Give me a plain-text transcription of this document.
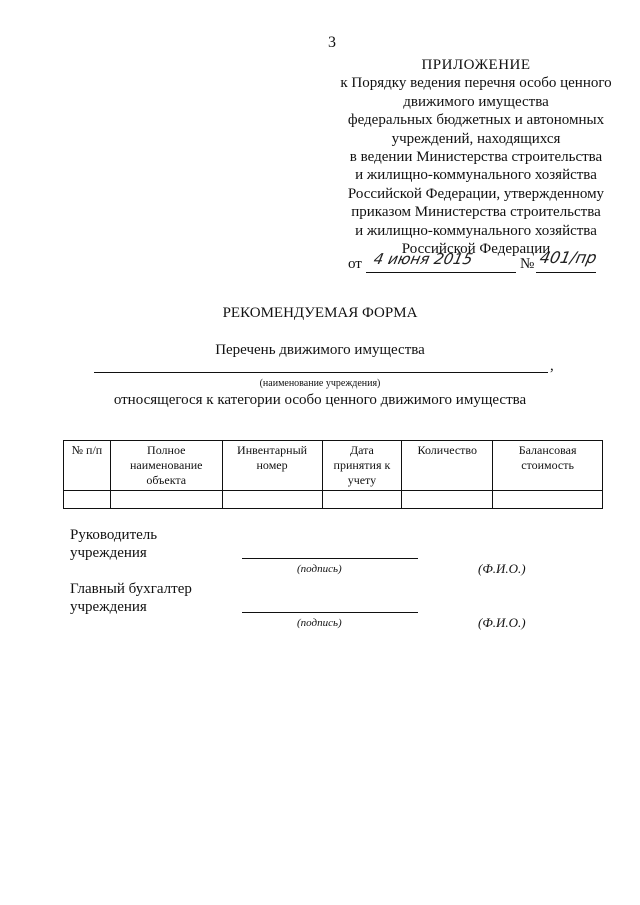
3
ПРИЛОЖЕНИЕ
к Порядку ведения перечня особо ценного
движимого имущества
федеральных бюджетных и автономных
учреждений, находящихся
в ведении Министерства строительства
и жилищно-коммунального хозяйства
Российской Федерации, утвержденному
приказом Министерства строительства
и жилищно-коммунального хозяйства
Российской Федерации
от 4 июня 2015	№ 401/пр
РЕКОМЕНДУЕМАЯ ФОРМА
Перечень движимого имущества
,
(наименование учреждения)
относящегося к категории особо ценного движимого имущества
№ п/п	Полное наименование объекта	Инвентарный номер	Дата принятия к учету	Количество	Балансовая стоимость

Руководитель
учреждения
(подпись)	(Ф.И.О.)
Главный бухгалтер
учреждения
(подпись)	(Ф.И.О.)
